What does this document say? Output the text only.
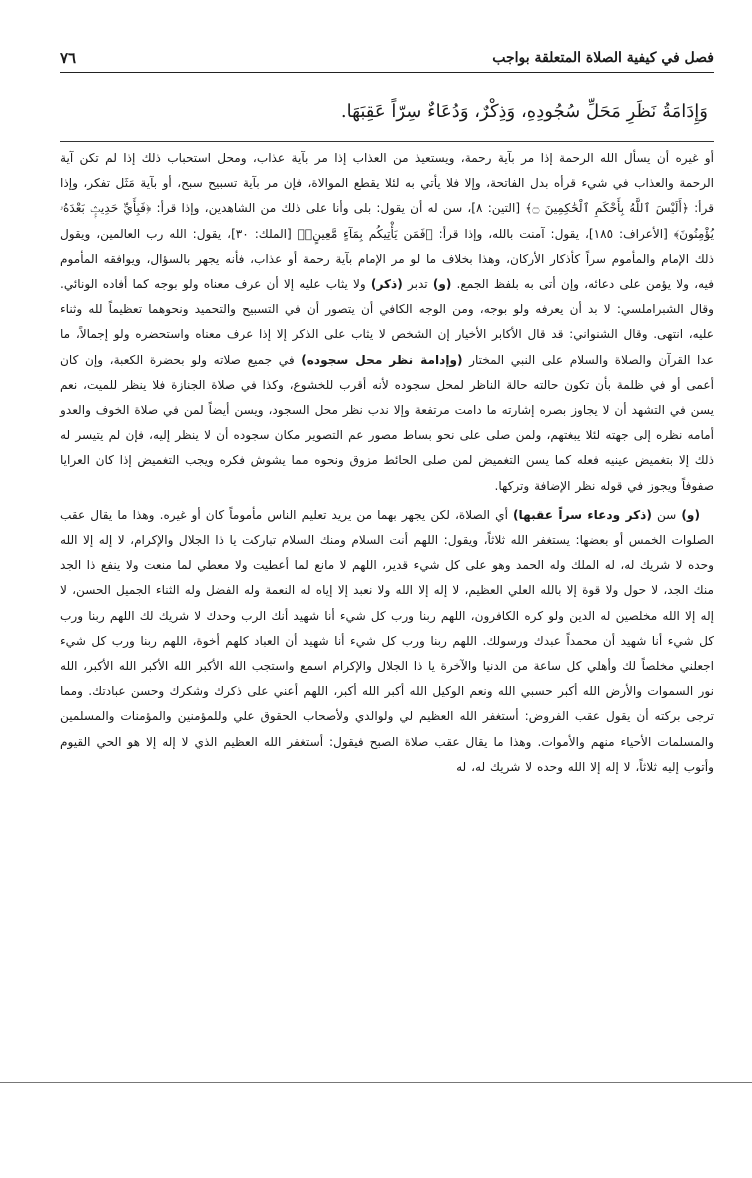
فصل في كيفية الصلاة المتعلقة بواجب
٧٦
وَإِدَامَةُ نَظَرِ مَحَلِّ سُجُودِهِ، وَذِكْرٌ، وَدُعَاءٌ سِرّاً عَقِبَهَا.

أو غيره أن يسأل الله الرحمة إذا مر بآية رحمة، ويستعيذ من العذاب إذا مر بآية عذاب، ومحل استحباب ذلك إذا لم تكن آية الرحمة والعذاب في شيء قرأه بدل الفاتحة، وإلا فلا يأتي به لئلا يقطع الموالاة، فإن مر بآية تسبيح سبح، أو بآية مَثَل تفكر، وإذا قرأ: ﴿أَلَيْسَ ٱللَّهُ بِأَحْكَمِ ٱلْحَٰكِمِينَ ۝﴾ [التين: ٨]، سن له أن يقول: بلى وأنا على ذلك من الشاهدين، وإذا قرأ: ﴿فَبِأَيِّ حَدِيثٍۭ بَعْدَهُۥ يُؤْمِنُونَ﴾ [الأعراف: ١٨٥]، يقول: آمنت بالله، وإذا قرأ: ﴿فَمَن يَأْتِيكُم بِمَآءٍ مَّعِينٍۭ﴾ [الملك: ٣٠]، يقول: الله رب العالمين، ويقول ذلك الإمام والمأموم سراً كأذكار الأركان، وهذا بخلاف ما لو مر الإمام بآية رحمة أو عذاب، فأنه يجهر بالسؤال، ويوافقه المأموم فيه، ولا يؤمن على دعائه، وإن أتى به بلفظ الجمع. (و) تدبر (ذكر) ولا يثاب عليه إلا أن عرف معناه ولو بوجه كما أفاده الونائي. وقال الشبراملسي: لا بد أن يعرفه ولو بوجه، ومن الوجه الكافي أن يتصور أن في التسبيح والتحميد ونحوهما تعظيماً لله وثناء عليه، انتهى. وقال الشنواني: قد قال الأكابر الأخيار إن الشخص لا يثاب على الذكر إلا إذا عرف معناه واستحضره ولو إجمالاً، ما عدا القرآن والصلاة والسلام على النبي المختار (وإدامة نظر محل سجوده) في جميع صلاته ولو بحضرة الكعبة، وإن كان أعمى أو في ظلمة بأن تكون حالته حالة الناظر لمحل سجوده لأنه أقرب للخشوع، وكذا في صلاة الجنازة فلا ينظر للميت، نعم يسن في التشهد أن لا يجاوز بصره إشارته ما دامت مرتفعة وإلا ندب نظر محل السجود، ويسن أيضاً لمن في صلاة الخوف والعدو أمامه نظره إلى جهته لئلا يبغتهم، ولمن صلى على نحو بساط مصور عم التصوير مكان سجوده أن لا ينظر إليه، فإن لم يتيسر له ذلك إلا بتغميض عينيه فعله كما يسن التغميض لمن صلى الحائط مزوق ونحوه مما يشوش فكره ويجب التغميض إذا كان العرايا صفوفاً ويجوز في قوله نظر الإضافة وتركها.

(و) سن (ذكر ودعاء سراً عقبها) أي الصلاة، لكن يجهر بهما من يريد تعليم الناس مأموماً كان أو غيره. وهذا ما يقال عقب الصلوات الخمس أو بعضها: يستغفر الله ثلاثاً، ويقول: اللهم أنت السلام ومنك السلام تباركت يا ذا الجلال والإكرام، لا إله إلا الله وحده لا شريك له، له الملك وله الحمد وهو على كل شيء قدير، اللهم لا مانع لما أعطيت ولا معطي لما منعت ولا ينفع ذا الجد منك الجد، لا حول ولا قوة إلا بالله العلي العظيم، لا إله إلا الله ولا نعبد إلا إياه له النعمة وله الفضل وله الثناء الجميل الحسن، لا إله إلا الله مخلصين له الدين ولو كره الكافرون، اللهم ربنا ورب كل شيء أنا شهيد أنك الرب وحدك لا شريك لك اللهم ربنا ورب كل شيء أنا شهيد أن محمداً عبدك ورسولك. اللهم ربنا ورب كل شيء أنا شهيد أن العباد كلهم أخوة، اللهم ربنا ورب كل شيء اجعلني مخلصاً لك وأهلي كل ساعة من الدنيا والآخرة يا ذا الجلال والإكرام اسمع واستجب الله الأكبر الله الأكبر الله الأكبر، الله نور السموات والأرض الله أكبر حسبي الله ونعم الوكيل الله أكبر الله أكبر، اللهم أعني على ذكرك وشكرك وحسن عبادتك. ومما ترجى بركته أن يقول عقب الفروض: أستغفر الله العظيم لي ولوالدي ولأصحاب الحقوق علي وللمؤمنين والمؤمنات والمسلمين والمسلمات الأحياء منهم والأموات. وهذا ما يقال عقب صلاة الصبح فيقول: أستغفر الله العظيم الذي لا إله إلا هو الحي القيوم وأتوب إليه ثلاثاً، لا إله إلا الله وحده لا شريك له، له
